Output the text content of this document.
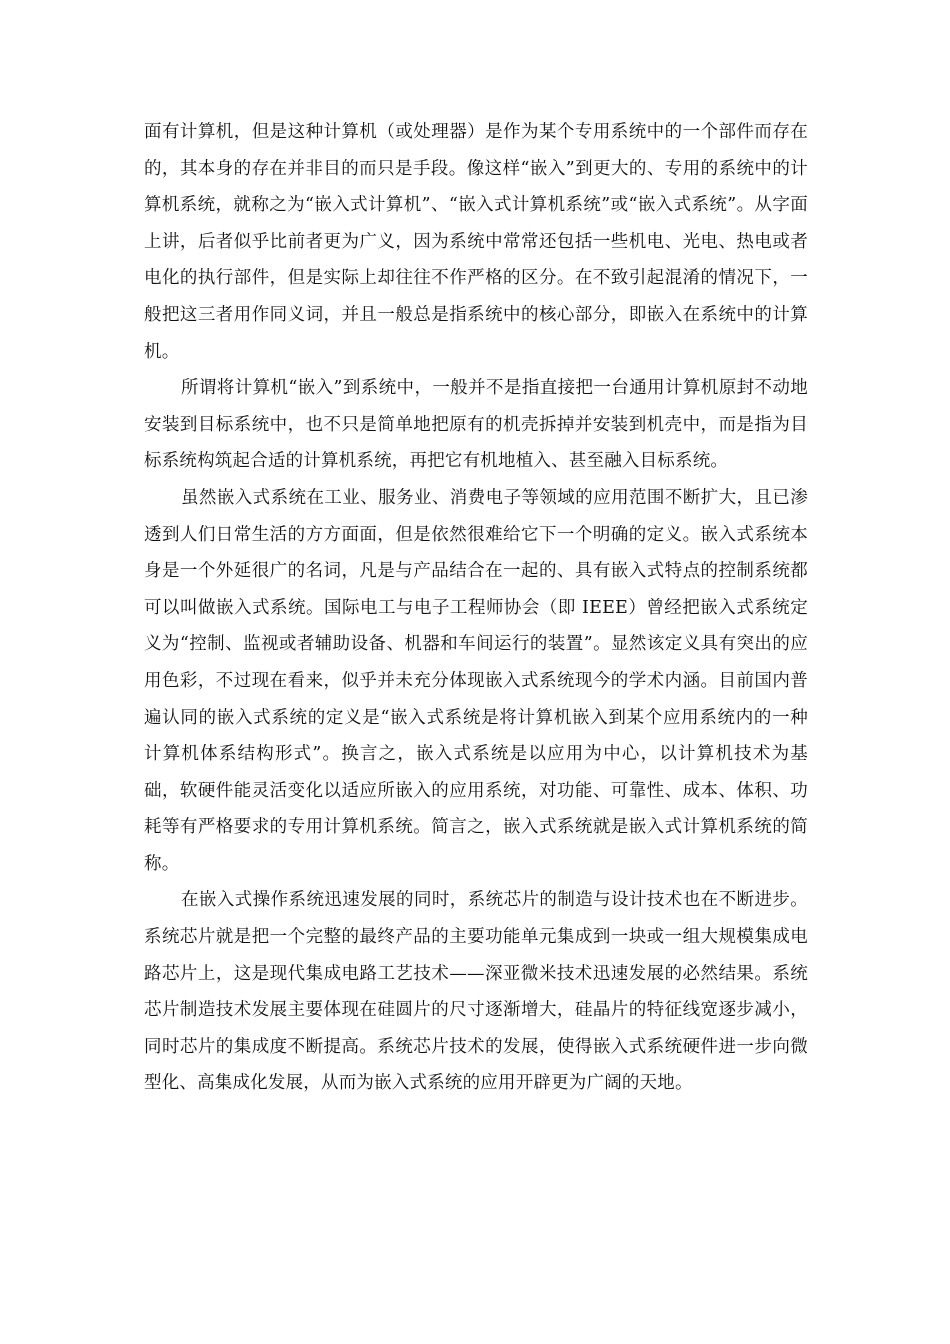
面有计算机，但是这种计算机（或处理器）是作为某个专用系统中的一个部件而存在的，其本身的存在并非目的而只是手段。像这样“嵌入”到更大的、专用的系统中的计算机系统，就称之为“嵌入式计算机”、“嵌入式计算机系统”或“嵌入式系统”。从字面上讲，后者似乎比前者更为广义，因为系统中常常还包括一些机电、光电、热电或者电化的执行部件，但是实际上却往往不作严格的区分。在不致引起混淆的情况下，一般把这三者用作同义词，并且一般总是指系统中的核心部分，即嵌入在系统中的计算机。

所谓将计算机“嵌入”到系统中，一般并不是指直接把一台通用计算机原封不动地安装到目标系统中，也不只是简单地把原有的机壳拆掉并安装到机壳中，而是指为目标系统构筑起合适的计算机系统，再把它有机地植入、甚至融入目标系统。

虽然嵌入式系统在工业、服务业、消费电子等领域的应用范围不断扩大，且已渗透到人们日常生活的方方面面，但是依然很难给它下一个明确的定义。嵌入式系统本身是一个外延很广的名词，凡是与产品结合在一起的、具有嵌入式特点的控制系统都可以叫做嵌入式系统。国际电工与电子工程师协会（即 IEEE）曾经把嵌入式系统定义为“控制、监视或者辅助设备、机器和车间运行的装置”。显然该定义具有突出的应用色彩，不过现在看来，似乎并未充分体现嵌入式系统现今的学术内涵。目前国内普遍认同的嵌入式系统的定义是“嵌入式系统是将计算机嵌入到某个应用系统内的一种计算机体系结构形式”。换言之，嵌入式系统是以应用为中心，以计算机技术为基础，软硬件能灵活变化以适应所嵌入的应用系统，对功能、可靠性、成本、体积、功耗等有严格要求的专用计算机系统。简言之，嵌入式系统就是嵌入式计算机系统的简称。

在嵌入式操作系统迅速发展的同时，系统芯片的制造与设计技术也在不断进步。系统芯片就是把一个完整的最终产品的主要功能单元集成到一块或一组大规模集成电路芯片上，这是现代集成电路工艺技术——深亚微米技术迅速发展的必然结果。系统芯片制造技术发展主要体现在硅圆片的尺寸逐渐增大，硅晶片的特征线宽逐步减小，同时芯片的集成度不断提高。系统芯片技术的发展，使得嵌入式系统硬件进一步向微型化、高集成化发展，从而为嵌入式系统的应用开辟更为广阔的天地。
